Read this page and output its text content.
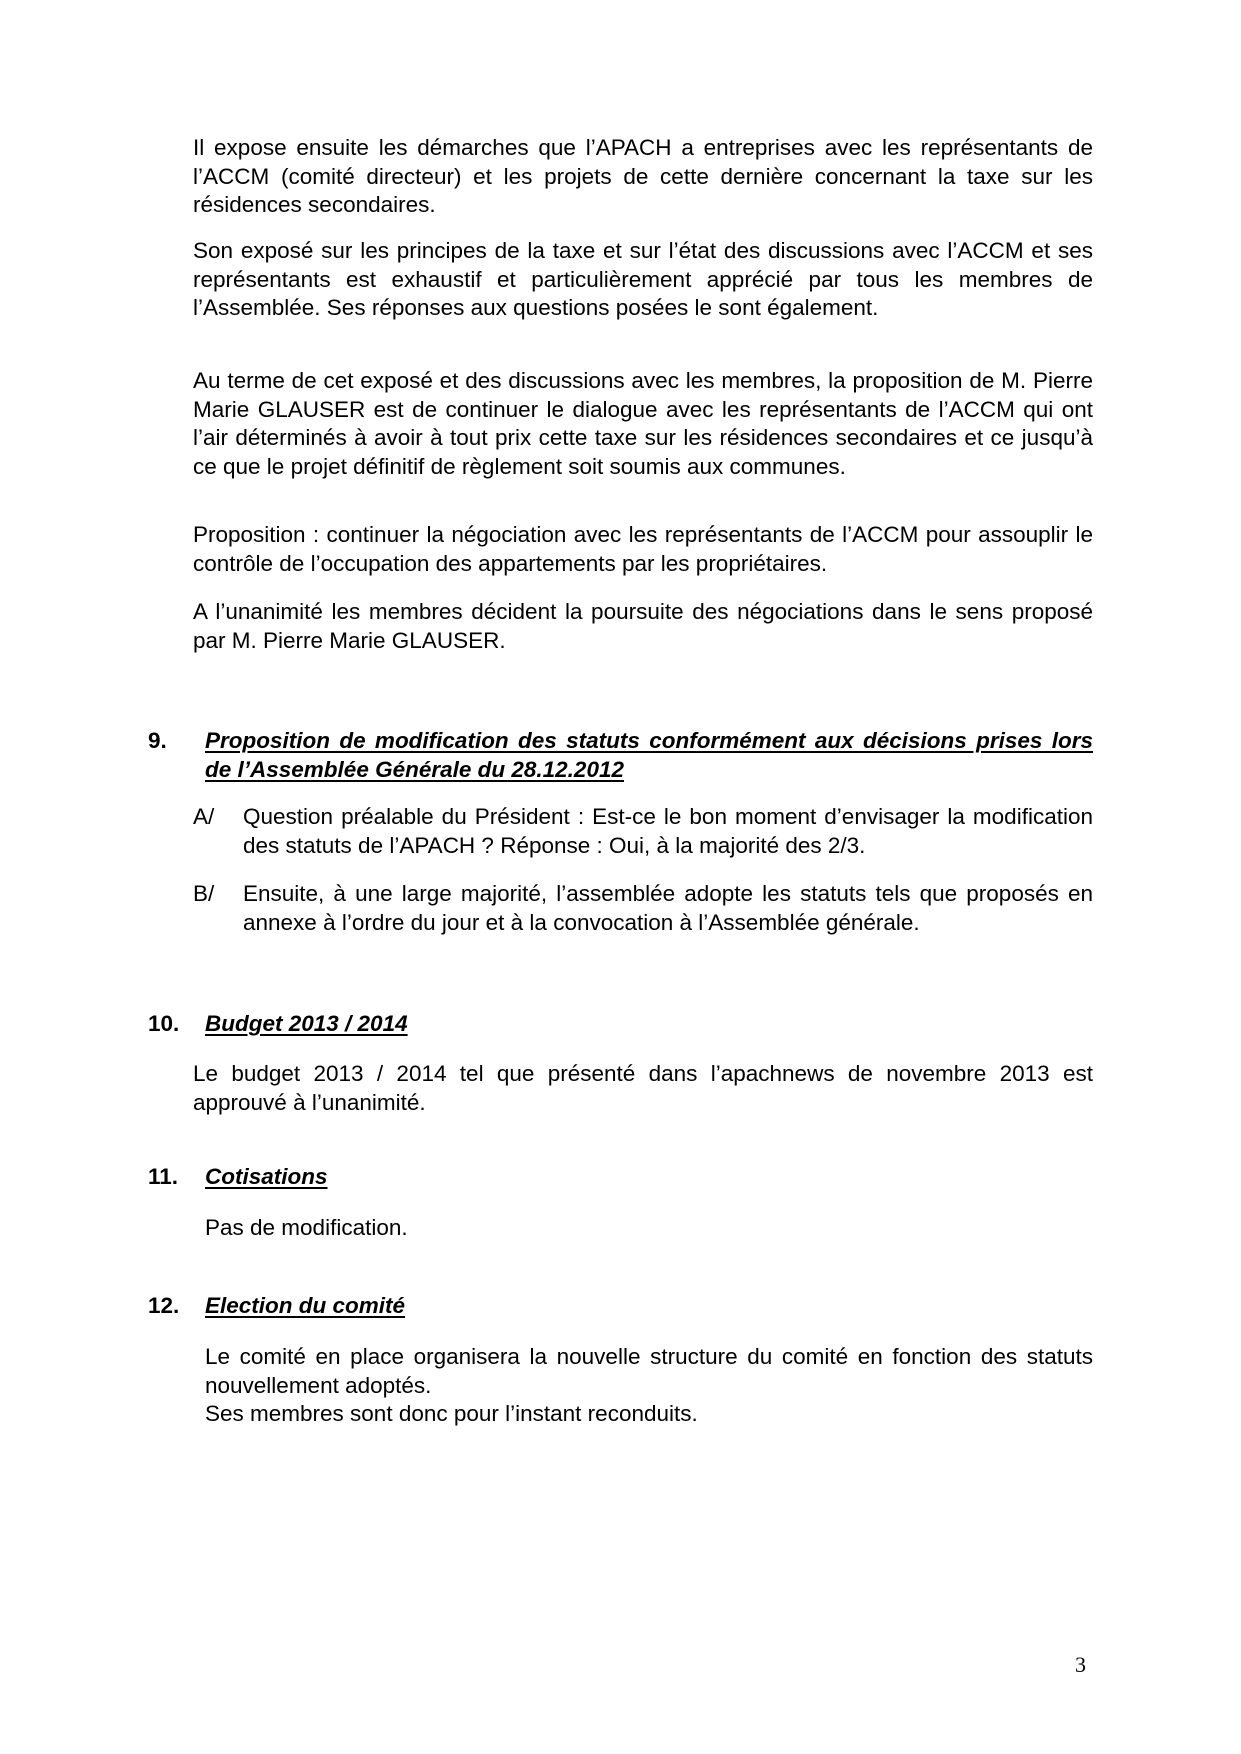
Il expose ensuite les démarches que l’APACH a entreprises avec les représentants de l’ACCM (comité directeur) et les projets de cette dernière concernant la taxe sur les résidences secondaires.

Son exposé sur les principes de la taxe et sur l’état des discussions avec l’ACCM et ses représentants est exhaustif et particulièrement apprécié par tous les membres de l’Assemblée. Ses réponses aux questions posées le sont également.

Au terme de cet exposé et des discussions avec les membres, la proposition de M. Pierre Marie GLAUSER est de continuer le dialogue avec les représentants de l’ACCM qui ont l’air déterminés à avoir à tout prix cette taxe sur les résidences secondaires et ce jusqu’à ce que le projet définitif de règlement soit soumis aux communes.

Proposition : continuer la négociation avec les représentants de l’ACCM pour assouplir le contrôle de l’occupation des appartements par les propriétaires.

A l’unanimité les membres décident la poursuite des négociations dans le sens proposé par M. Pierre Marie GLAUSER.

9. Proposition de modification des statuts conformément aux décisions prises lors de l’Assemblée Générale du 28.12.2012
A/ Question préalable du Président : Est-ce le bon moment d’envisager la modification des statuts de l’APACH ? Réponse : Oui, à la majorité des 2/3.
B/ Ensuite, à une large majorité, l’assemblée adopte les statuts tels que proposés en annexe à l’ordre du jour et à la convocation à l’Assemblée générale.
10. Budget 2013 / 2014

Le budget 2013 / 2014 tel que présenté dans l’apachnews de novembre 2013 est approuvé à l’unanimité.

11. Cotisations

Pas de modification.

12. Election du comité

Le comité en place organisera la nouvelle structure du comité en fonction des statuts nouvellement adoptés.

Ses membres sont donc pour l’instant reconduits.

3
